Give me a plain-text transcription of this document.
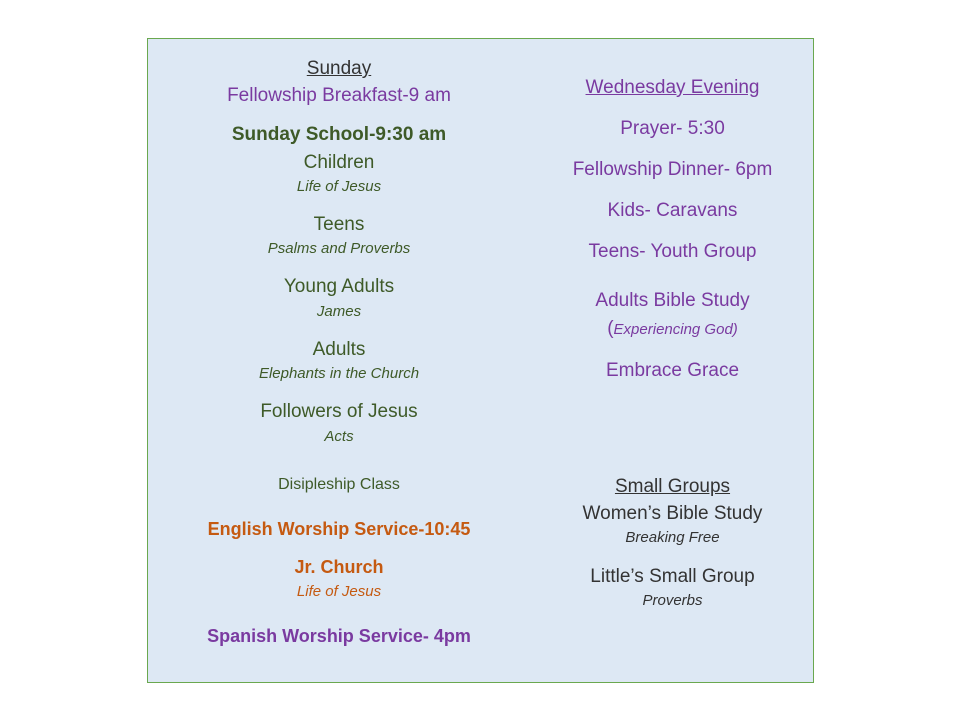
Sunday
Fellowship Breakfast-9 am
Sunday School-9:30 am
Children
Life of Jesus
Teens
Psalms and Proverbs
Young Adults
James
Adults
Elephants in the Church
Followers of Jesus
Acts
Disipleship Class
English Worship Service-10:45
Jr. Church
Life of Jesus
Spanish Worship Service- 4pm
Wednesday Evening
Prayer- 5:30
Fellowship Dinner- 6pm
Kids- Caravans
Teens- Youth Group
Adults Bible Study
(Experiencing God)
Embrace Grace
Small Groups
Women’s Bible Study
Breaking Free
Little’s Small Group
Proverbs
